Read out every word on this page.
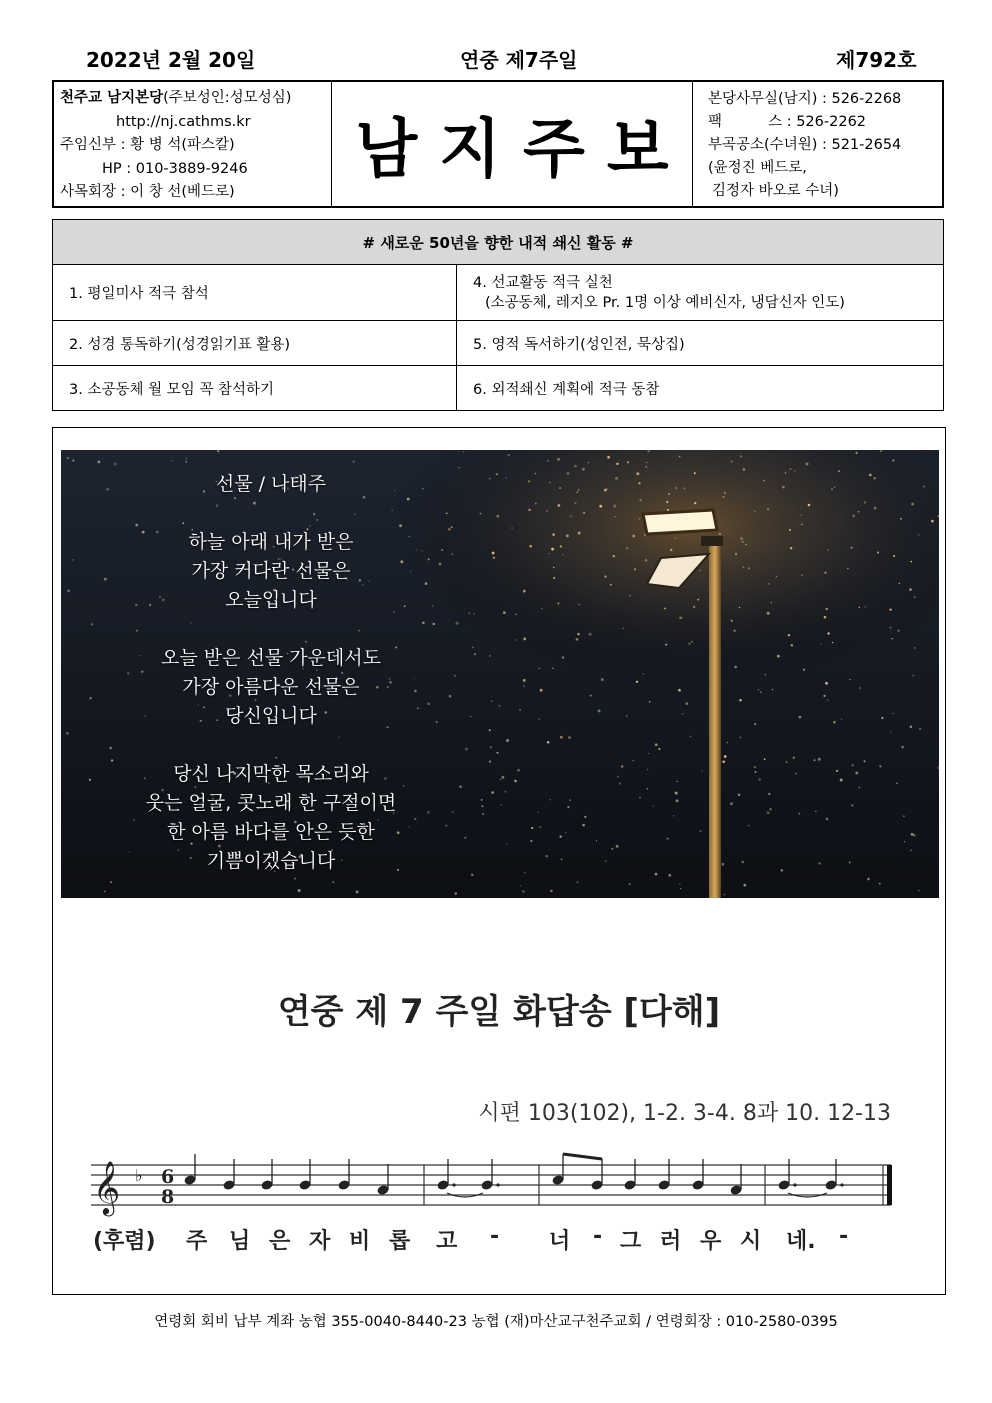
2022년 2월 20일	연중 제7주일	제792호
천주교 남지본당(주보성인:성모성심)
http://nj.cathms.kr
주임신부 : 황 병 석(파스칼)
HP : 010-3889-9246
사목회장 : 이 창 선(베드로)
남지주보
본당사무실(남지) : 526-2268
팩          스 : 526-2262
부곡공소(수녀원) : 521-2654
(윤정진 베드로,
김정자 바오로 수녀)
# 새로운 50년을 향한 내적 쇄신 활동 #	
1. 평일미사 적극 참석	4. 선교활동 적극 실천
(소공동체, 레지오 Pr. 1명 이상 예비신자, 냉담신자 인도)

2. 성경 통독하기(성경읽기표 활용)	5. 영적 독서하기(성인전, 묵상집)
3. 소공동체 월 모임 꼭 참석하기	6. 외적쇄신 계획에 적극 동참
선물 / 나태주
하늘 아래 내가 받은
가장 커다란 선물은
오늘입니다
오늘 받은 선물 가운데서도
가장 아름다운 선물은
당신입니다
당신 나지막한 목소리와
웃는 얼굴, 콧노래 한 구절이면
한 아름 바다를 안은 듯한
기쁨이겠습니다
연중 제 7 주일 화답송 [다해]
시편 103(102), 1-2. 3-4. 8과 10. 12-13
𝄞 ♭ 6
8
(후렴) 주 님 은 자 비 롭 고 - 너 - 그 러 우 시 네. -
연령회 회비 납부 계좌 농협 355-0040-8440-23 농협 (재)마산교구천주교회 / 연령회장 : 010-2580-0395
